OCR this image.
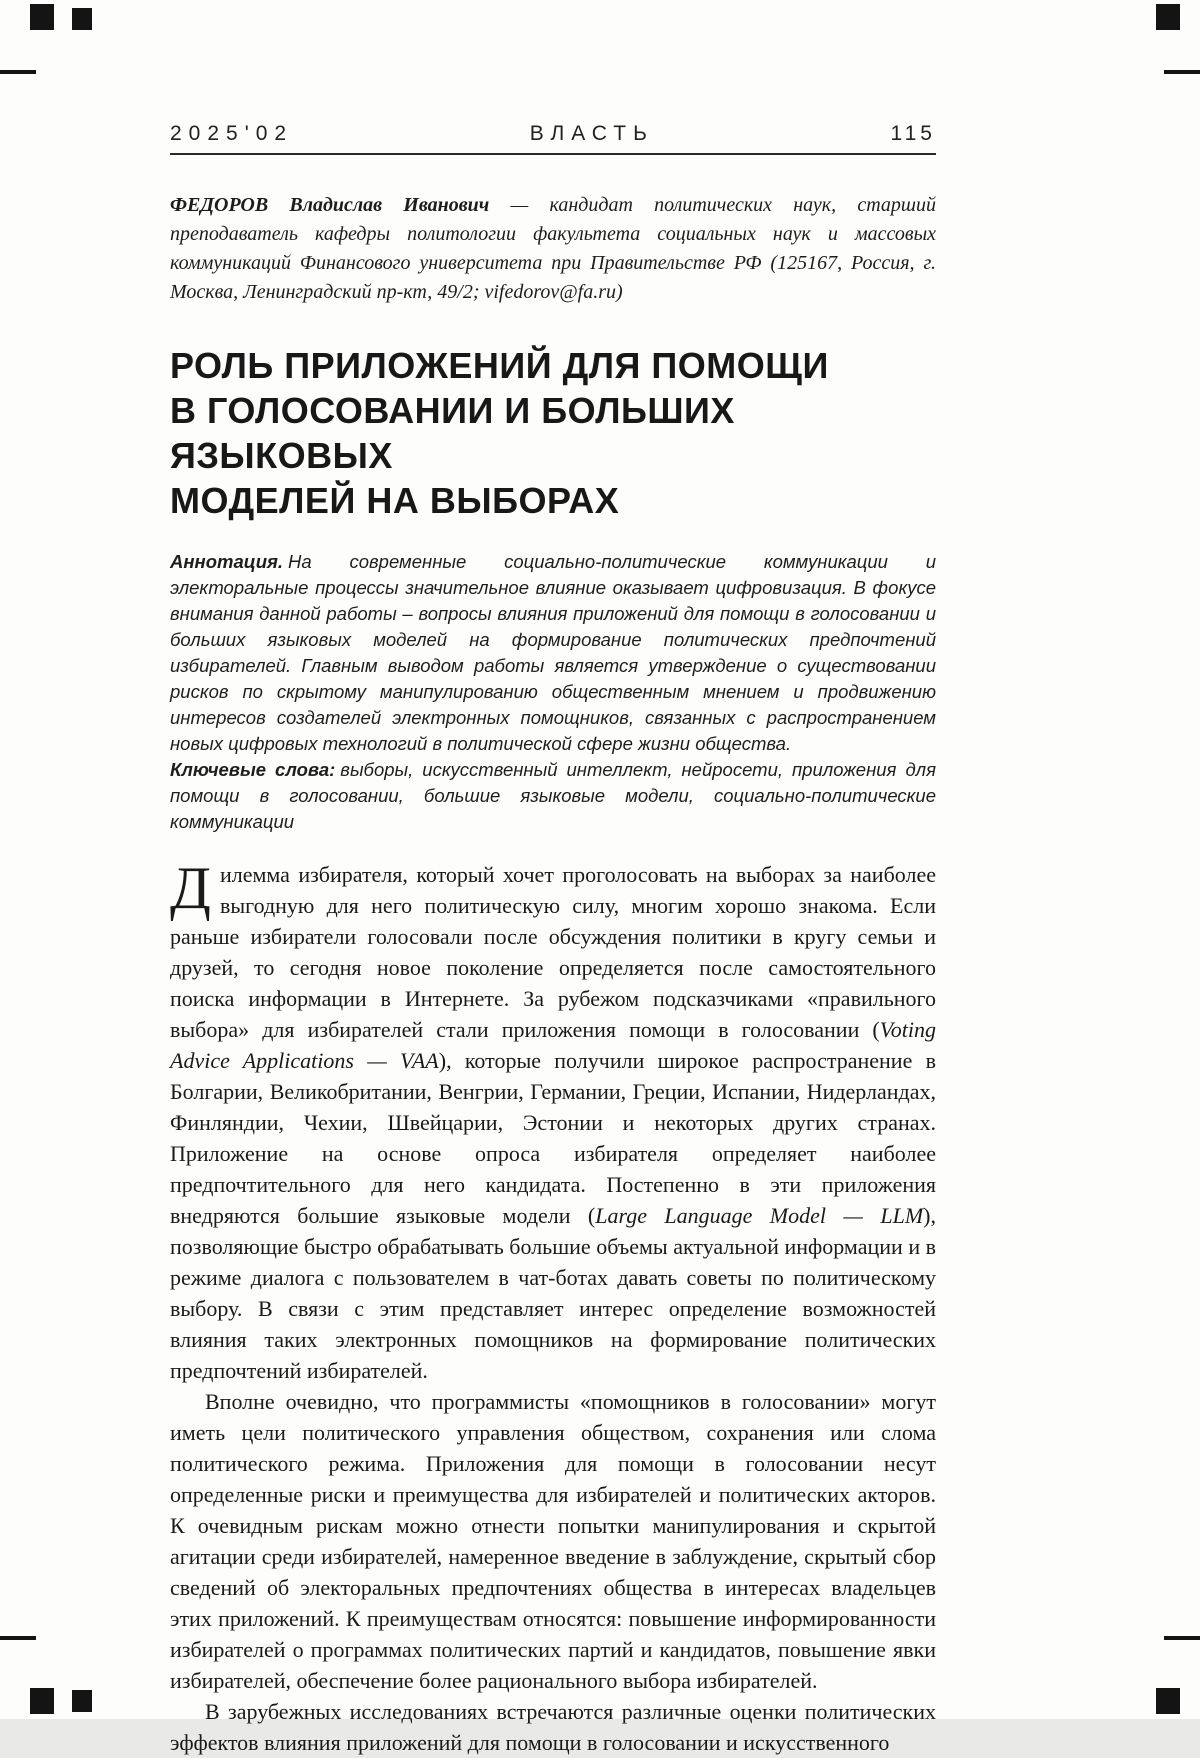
2025'02	ВЛАСТЬ	115

ФЕДОРОВ Владислав Иванович — кандидат политических наук, старший преподаватель кафедры политологии факультета социальных наук и массовых коммуникаций Финансового университета при Правительстве РФ (125167, Россия, г. Москва, Ленинградский пр-кт, 49/2; vifedorov@fa.ru)

РОЛЬ ПРИЛОЖЕНИЙ ДЛЯ ПОМОЩИ
В ГОЛОСОВАНИИ И БОЛЬШИХ ЯЗЫКОВЫХ
МОДЕЛЕЙ НА ВЫБОРАХ

Аннотация. На современные социально-политические коммуникации и электоральные процессы значительное влияние оказывает цифровизация. В фокусе внимания данной работы – вопросы влияния приложений для помощи в голосовании и больших языковых моделей на формирование политических предпочтений избирателей. Главным выводом работы является утверждение о существовании рисков по скрытому манипулированию общественным мнением и продвижению интересов создателей электронных помощников, связанных с распространением новых цифровых технологий в политической сфере жизни общества.

Ключевые слова: выборы, искусственный интеллект, нейросети, приложения для помощи в голосовании, большие языковые модели, социально-политические коммуникации

Дилемма избирателя, который хочет проголосовать на выборах за наиболее выгодную для него политическую силу, многим хорошо знакома. Если раньше избиратели голосовали после обсуждения политики в кругу семьи и друзей, то сегодня новое поколение определяется после самостоятельного поиска информации в Интернете. За рубежом подсказчиками «правильного выбора» для избирателей стали приложения помощи в голосовании (Voting Advice Applications — VAA), которые получили широкое распространение в Болгарии, Великобритании, Венгрии, Германии, Греции, Испании, Нидерландах, Финляндии, Чехии, Швейцарии, Эстонии и некоторых других странах. Приложение на основе опроса избирателя определяет наиболее предпочтительного для него кандидата. Постепенно в эти приложения внедряются большие языковые модели (Large Language Model — LLM), позволяющие быстро обрабатывать большие объемы актуальной информации и в режиме диалога с пользователем в чат-ботах давать советы по политическому выбору. В связи с этим представляет интерес определение возможностей влияния таких электронных помощников на формирование политических предпочтений избирателей.

Вполне очевидно, что программисты «помощников в голосовании» могут иметь цели политического управления обществом, сохранения или слома политического режима. Приложения для помощи в голосовании несут определенные риски и преимущества для избирателей и политических акторов. К очевидным рискам можно отнести попытки манипулирования и скрытой агитации среди избирателей, намеренное введение в заблуждение, скрытый сбор сведений об электоральных предпочтениях общества в интересах владельцев этих приложений. К преимуществам относятся: повышение информированности избирателей о программах политических партий и кандидатов, повышение явки избирателей, обеспечение более рационального выбора избирателей.

В зарубежных исследованиях встречаются различные оценки политических эффектов влияния приложений для помощи в голосовании и искусственного
